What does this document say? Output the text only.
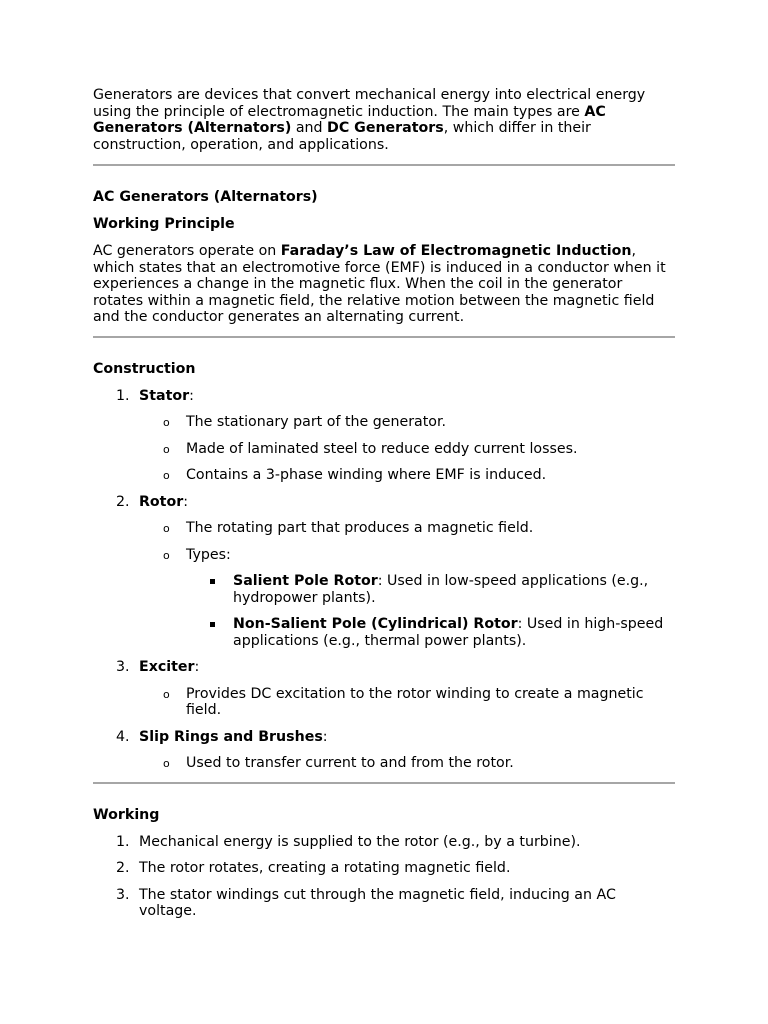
Generators are devices that convert mechanical energy into electrical energy using the principle of electromagnetic induction. The main types are AC Generators (Alternators) and DC Generators, which differ in their construction, operation, and applications.

AC Generators (Alternators)

Working Principle

AC generators operate on Faraday’s Law of Electromagnetic Induction, which states that an electromotive force (EMF) is induced in a conductor when it experiences a change in the magnetic flux. When the coil in the generator rotates within a magnetic field, the relative motion between the magnetic field and the conductor generates an alternating current.

Construction

1. Stator:

o The stationary part of the generator.
o Made of laminated steel to reduce eddy current losses.
o Contains a 3-phase winding where EMF is induced.
2. Rotor:

o The rotating part that produces a magnetic field.
o Types:
Salient Pole Rotor: Used in low-speed applications (e.g., hydropower plants).
Non-Salient Pole (Cylindrical) Rotor: Used in high-speed applications (e.g., thermal power plants).
3. Exciter:

o Provides DC excitation to the rotor winding to create a magnetic field.
4. Slip Rings and Brushes:

o Used to transfer current to and from the rotor.

Working

1. Mechanical energy is supplied to the rotor (e.g., by a turbine).

2. The rotor rotates, creating a rotating magnetic field.

3. The stator windings cut through the magnetic field, inducing an AC voltage.
